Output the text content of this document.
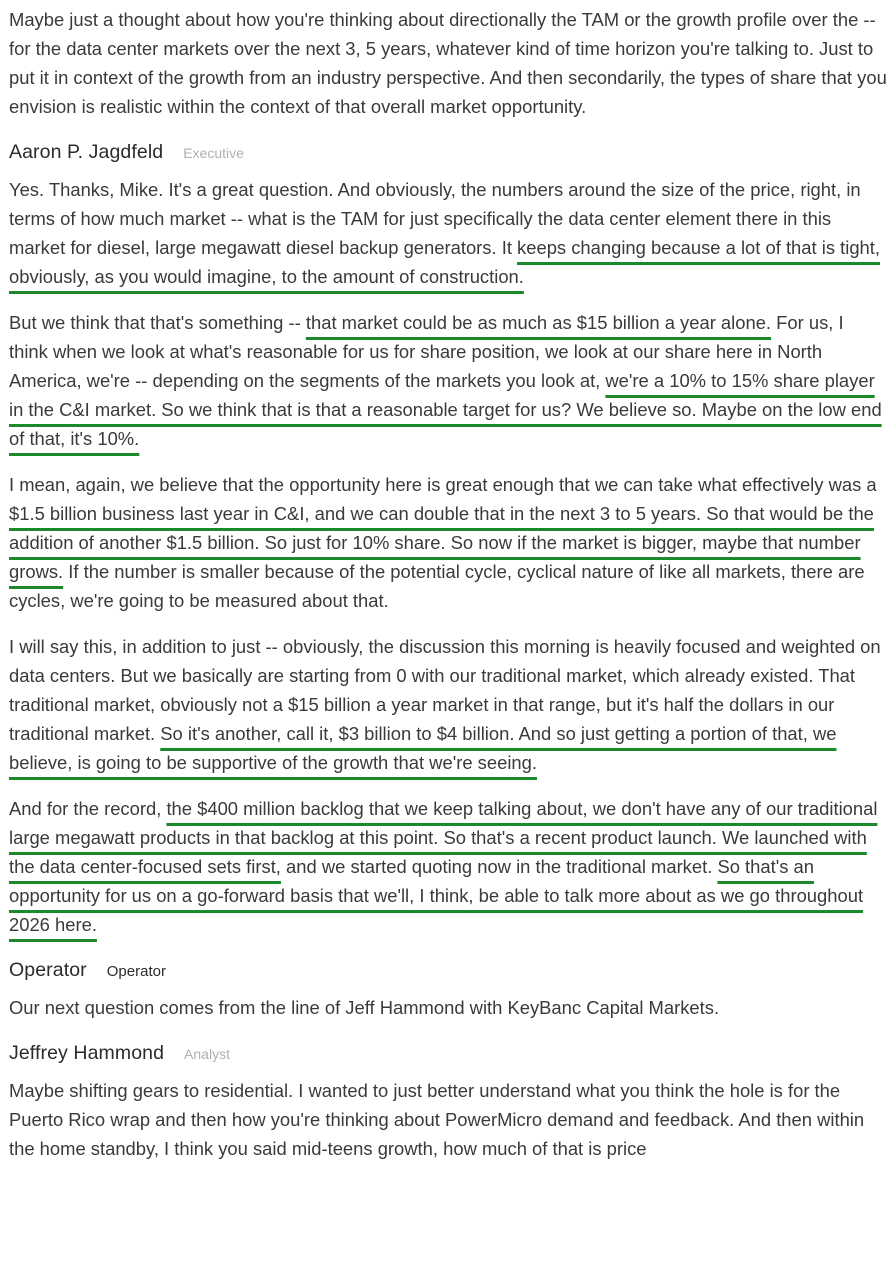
Maybe just a thought about how you're thinking about directionally the TAM or the growth profile over the -- for the data center markets over the next 3, 5 years, whatever kind of time horizon you're talking to. Just to put it in context of the growth from an industry perspective. And then secondarily, the types of share that you envision is realistic within the context of that overall market opportunity.

Aaron P. Jagdfeld Executive

Yes. Thanks, Mike. It's a great question. And obviously, the numbers around the size of the price, right, in terms of how much market -- what is the TAM for just specifically the data center element there in this market for diesel, large megawatt diesel backup generators. It keeps changing because a lot of that is tight, obviously, as you would imagine, to the amount of construction.

But we think that that's something -- that market could be as much as $15 billion a year alone. For us, I think when we look at what's reasonable for us for share position, we look at our share here in North America, we're -- depending on the segments of the markets you look at, we're a 10% to 15% share player in the C&I market. So we think that is that a reasonable target for us? We believe so. Maybe on the low end of that, it's 10%.

I mean, again, we believe that the opportunity here is great enough that we can take what effectively was a $1.5 billion business last year in C&I, and we can double that in the next 3 to 5 years. So that would be the addition of another $1.5 billion. So just for 10% share. So now if the market is bigger, maybe that number grows. If the number is smaller because of the potential cycle, cyclical nature of like all markets, there are cycles, we're going to be measured about that.

I will say this, in addition to just -- obviously, the discussion this morning is heavily focused and weighted on data centers. But we basically are starting from 0 with our traditional market, which already existed. That traditional market, obviously not a $15 billion a year market in that range, but it's half the dollars in our traditional market. So it's another, call it, $3 billion to $4 billion. And so just getting a portion of that, we believe, is going to be supportive of the growth that we're seeing.

And for the record, the $400 million backlog that we keep talking about, we don't have any of our traditional large megawatt products in that backlog at this point. So that's a recent product launch. We launched with the data center-focused sets first, and we started quoting now in the traditional market. So that's an opportunity for us on a go-forward basis that we'll, I think, be able to talk more about as we go throughout 2026 here.

Operator Operator

Our next question comes from the line of Jeff Hammond with KeyBanc Capital Markets.

Jeffrey Hammond Analyst

Maybe shifting gears to residential. I wanted to just better understand what you think the hole is for the Puerto Rico wrap and then how you're thinking about PowerMicro demand and feedback. And then within the home standby, I think you said mid-teens growth, how much of that is price
